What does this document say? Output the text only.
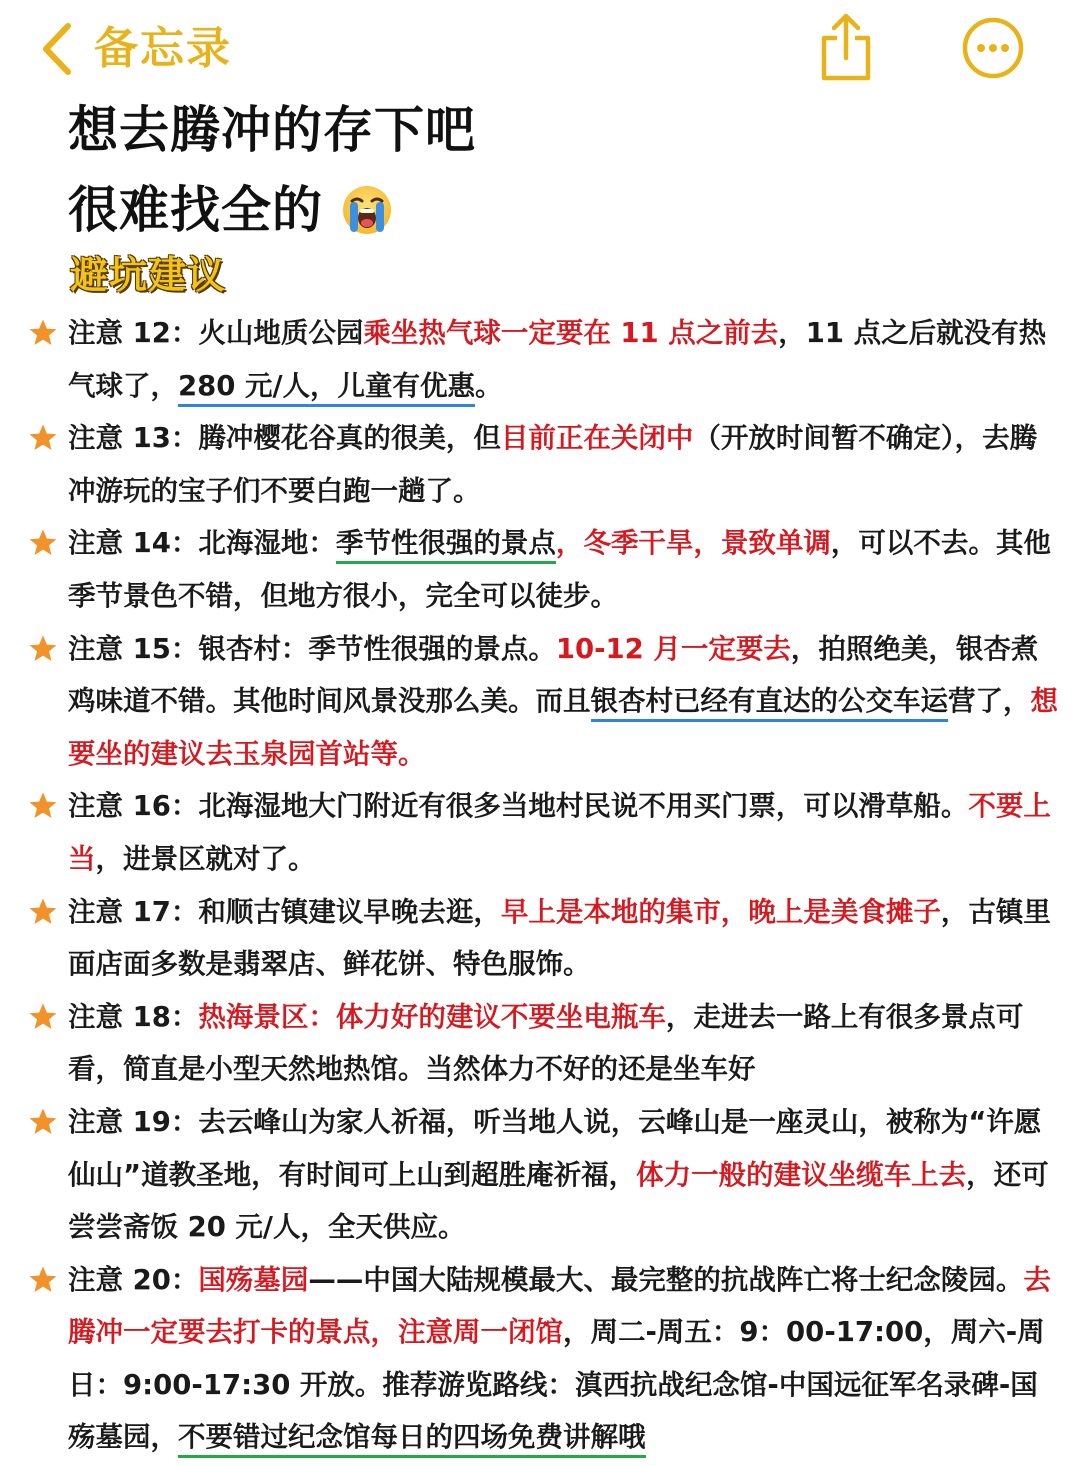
备忘录
想去腾冲的存下吧
很难找全的
避坑建议

注意 12：火山地质公园乘坐热气球一定要在 11 点之前去，11 点之后就没有热气球了，280 元/人，儿童有优惠。

注意 13：腾冲樱花谷真的很美，但目前正在关闭中（开放时间暂不确定），去腾冲游玩的宝子们不要白跑一趟了。

注意 14：北海湿地：季节性很强的景点，冬季干旱，景致单调，可以不去。其他季节景色不错，但地方很小，完全可以徒步。

注意 15：银杏村：季节性很强的景点。10-12 月一定要去，拍照绝美，银杏煮鸡味道不错。其他时间风景没那么美。而且银杏村已经有直达的公交车运营了，想要坐的建议去玉泉园首站等。

注意 16：北海湿地大门附近有很多当地村民说不用买门票，可以滑草船。不要上当，进景区就对了。

注意 17：和顺古镇建议早晚去逛，早上是本地的集市，晚上是美食摊子，古镇里面店面多数是翡翠店、鲜花饼、特色服饰。

注意 18：热海景区：体力好的建议不要坐电瓶车，走进去一路上有很多景点可看，简直是小型天然地热馆。当然体力不好的还是坐车好

注意 19：去云峰山为家人祈福，听当地人说，云峰山是一座灵山，被称为“许愿仙山”道教圣地，有时间可上山到超胜庵祈福，体力一般的建议坐缆车上去，还可尝尝斋饭 20 元/人，全天供应。

注意 20：国殇墓园——中国大陆规模最大、最完整的抗战阵亡将士纪念陵园。去腾冲一定要去打卡的景点，注意周一闭馆，周二-周五：9：00-17:00，周六-周日：9:00-17:30 开放。推荐游览路线：滇西抗战纪念馆-中国远征军名录碑-国殇墓园，不要错过纪念馆每日的四场免费讲解哦
